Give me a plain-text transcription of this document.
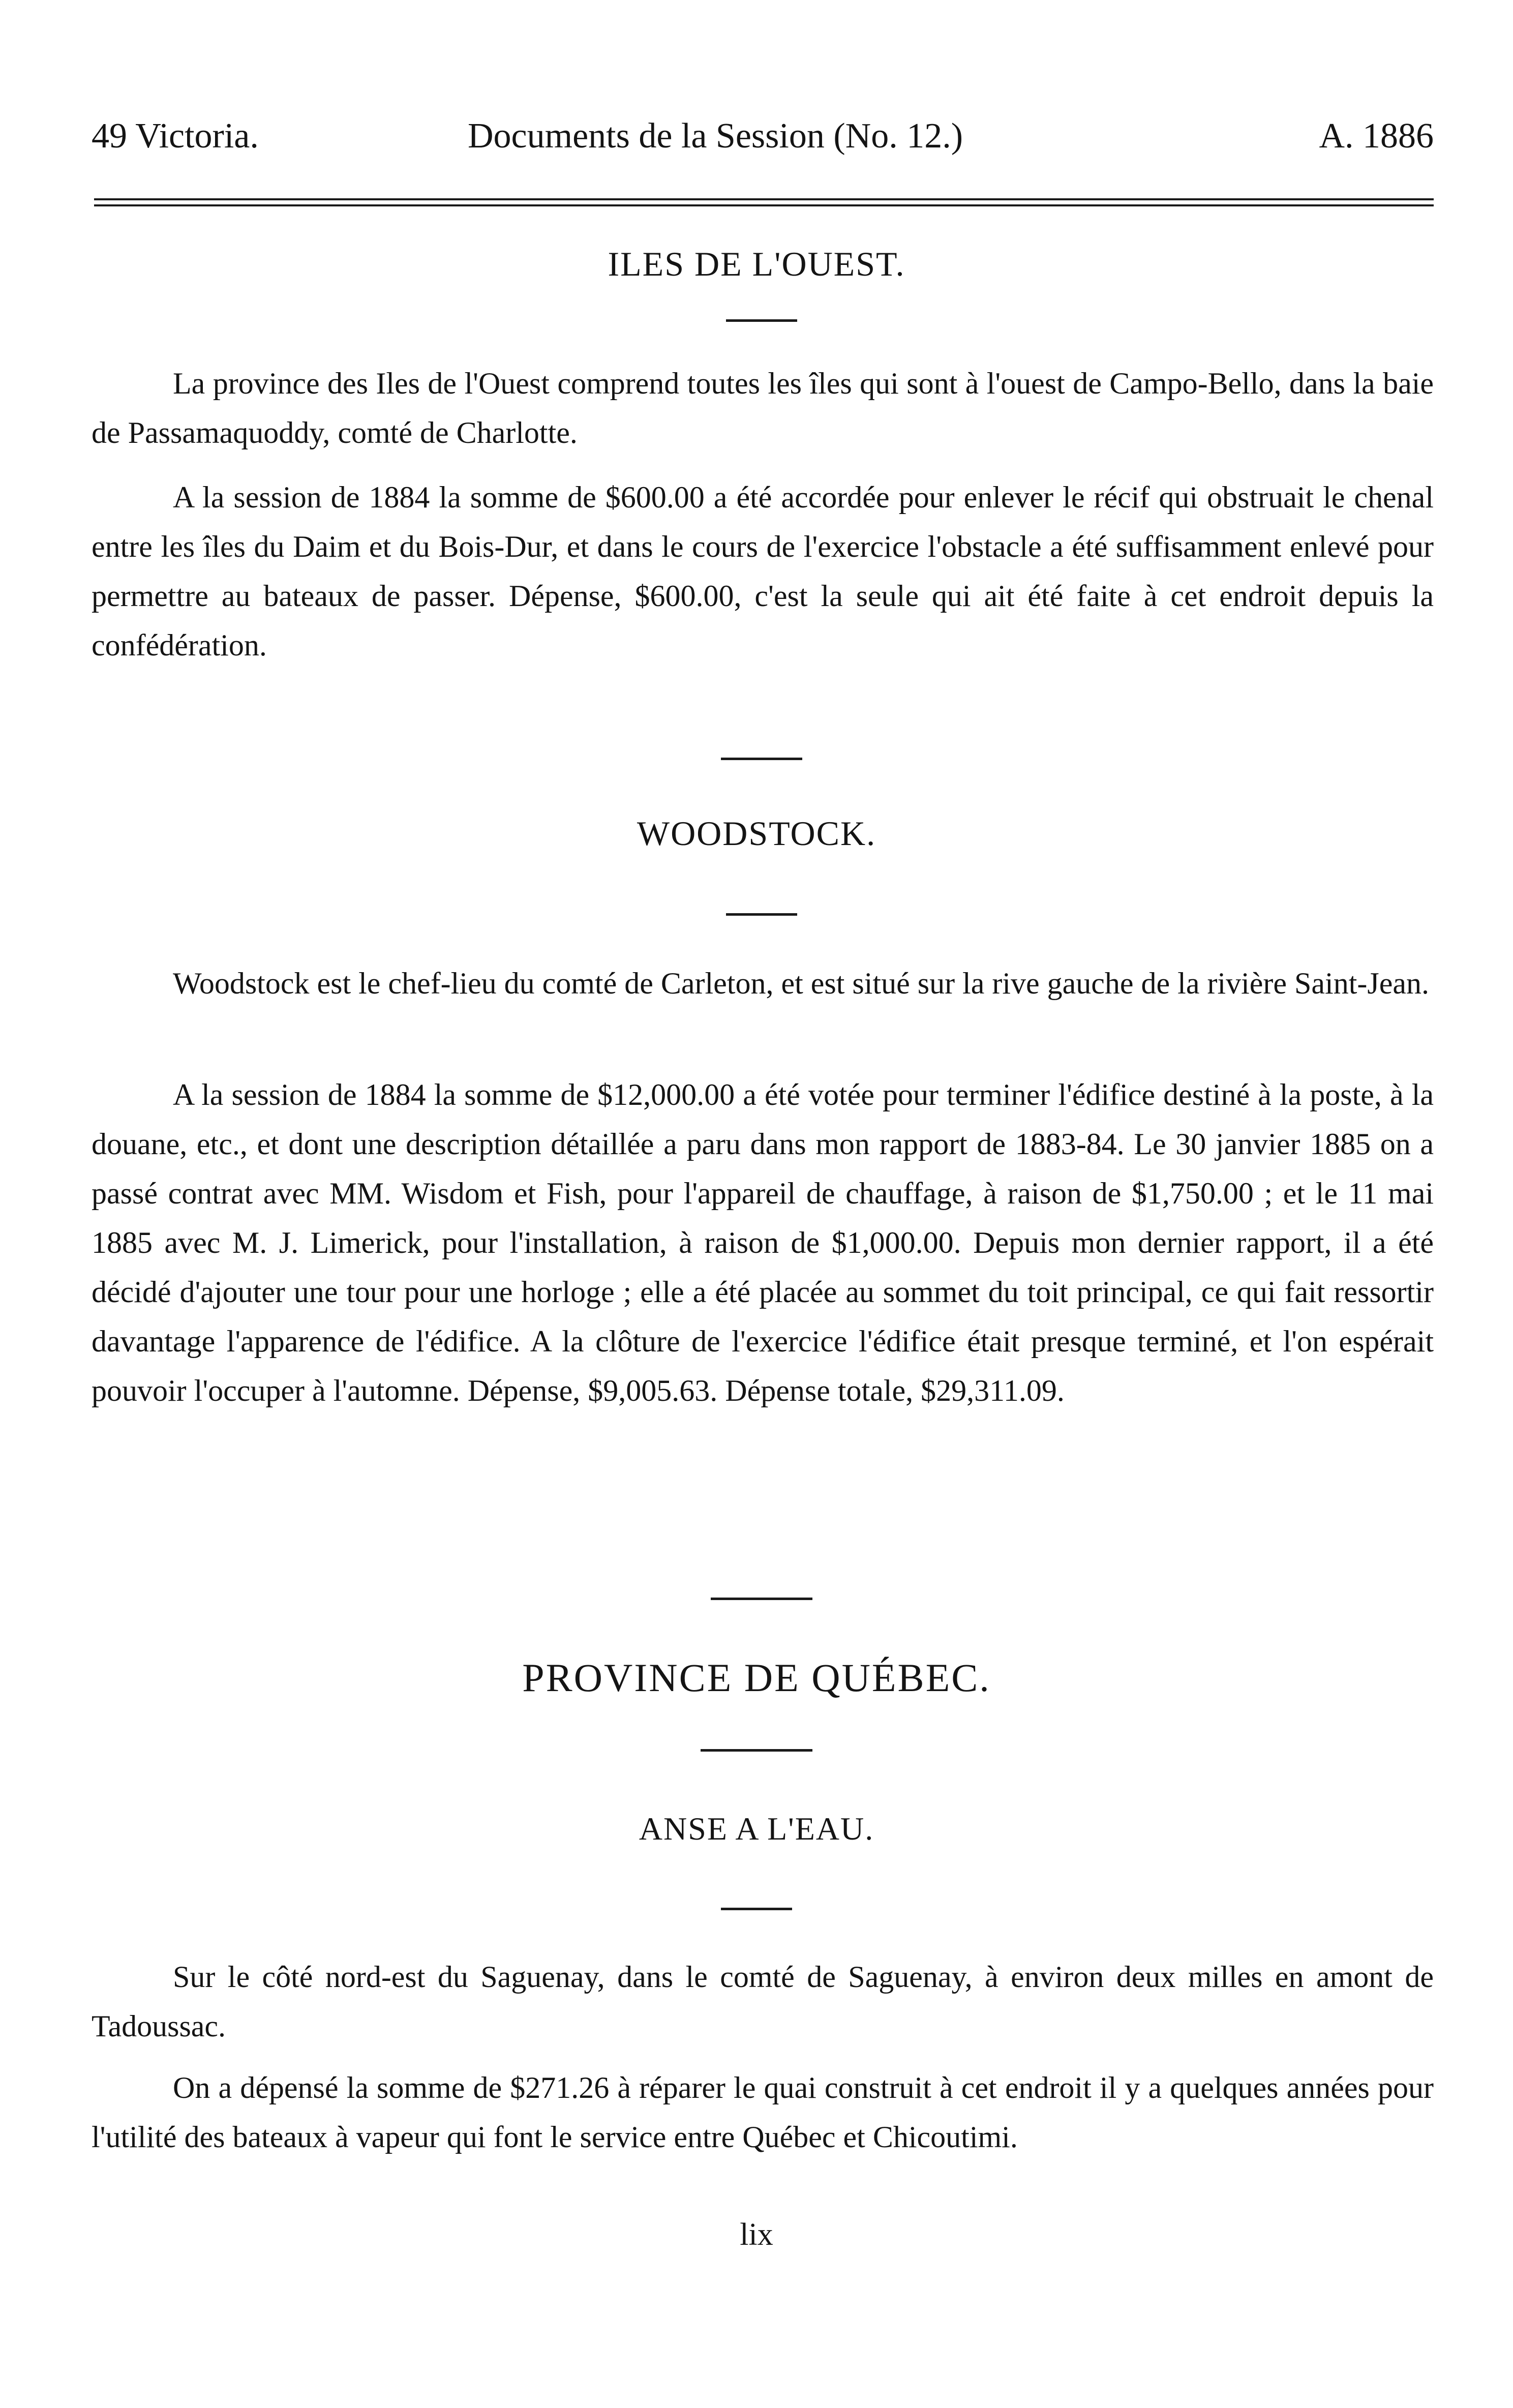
49 Victoria.	Documents de la Session (No. 12.)	A. 1886
ILES DE L'OUEST.

La province des Iles de l'Ouest comprend toutes les îles qui sont à l'ouest de Campo-Bello, dans la baie de Passamaquoddy, comté de Charlotte.

A la session de 1884 la somme de $600.00 a été accordée pour enlever le récif qui obstruait le chenal entre les îles du Daim et du Bois-Dur, et dans le cours de l'exercice l'obstacle a été suffisamment enlevé pour permettre au bateaux de passer. Dépense, $600.00, c'est la seule qui ait été faite à cet endroit depuis la confédération.

WOODSTOCK.

Woodstock est le chef-lieu du comté de Carleton, et est situé sur la rive gauche de la rivière Saint-Jean.

A la session de 1884 la somme de $12,000.00 a été votée pour terminer l'édifice destiné à la poste, à la douane, etc., et dont une description détaillée a paru dans mon rapport de 1883-84. Le 30 janvier 1885 on a passé contrat avec MM. Wisdom et Fish, pour l'appareil de chauffage, à raison de $1,750.00 ; et le 11 mai 1885 avec M. J. Limerick, pour l'installation, à raison de $1,000.00. Depuis mon dernier rapport, il a été décidé d'ajouter une tour pour une horloge ; elle a été placée au sommet du toit principal, ce qui fait ressortir davantage l'apparence de l'édifice. A la clôture de l'exercice l'édifice était presque terminé, et l'on espérait pouvoir l'occuper à l'automne. Dépense, $9,005.63. Dépense totale, $29,311.09.

PROVINCE DE QUÉBEC.
ANSE A L'EAU.

Sur le côté nord-est du Saguenay, dans le comté de Saguenay, à environ deux milles en amont de Tadoussac.

On a dépensé la somme de $271.26 à réparer le quai construit à cet endroit il y a quelques années pour l'utilité des bateaux à vapeur qui font le service entre Québec et Chicoutimi.

lix
